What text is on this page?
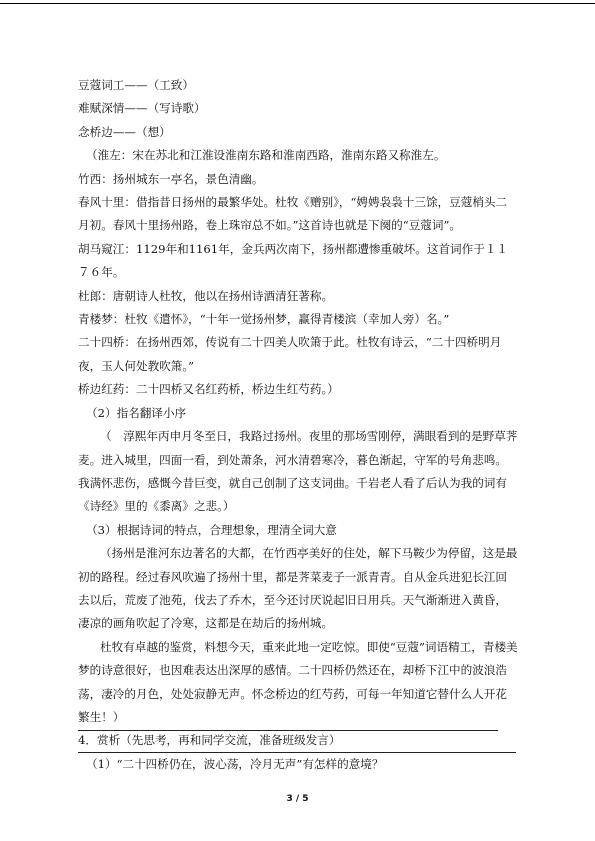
豆蔻词工——（工致）

难赋深情——（写诗歌）

念桥边——（想）

（淮左：宋在苏北和江淮设淮南东路和淮南西路，淮南东路又称淮左。

竹西：扬州城东一亭名，景色清幽。

春风十里：借指昔日扬州的最繁华处。杜牧《赠别》，“娉娉袅袅十三馀，豆蔻梢头二月初。春风十里扬州路，卷上珠帘总不如。”这首诗也就是下阕的“豆蔻词”。

胡马窥江：1129年和1161年，金兵两次南下，扬州都遭惨重破坏。这首词作于１１７６年。

杜郎：唐朝诗人杜牧，他以在扬州诗酒清狂著称。

青楼梦：杜牧《遣怀》，“十年一觉扬州梦，赢得青楼滨（幸加人旁）名。”

二十四桥：在扬州西郊，传说有二十四美人吹箫于此。杜牧有诗云，“二十四桥明月夜，玉人何处教吹箫。”

桥边红药：二十四桥又名红药桥，桥边生红芍药。）

（2）指名翻译小序

（　淳熙年丙申月冬至日，我路过扬州。夜里的那场雪刚停，满眼看到的是野草荠麦。进入城里，四面一看，到处萧条，河水清碧寒冷，暮色渐起，守军的号角悲鸣。我满怀悲伤，感慨今昔巨变，就自己创制了这支词曲。千岩老人看了后认为我的词有《诗经》里的《黍离》之悲。）

（3）根据诗词的特点，合理想象，理清全词大意

（扬州是淮河东边著名的大都，在竹西亭美好的住处，解下马鞍少为停留，这是最初的路程。经过春风吹遍了扬州十里，都是荠菜麦子一派青青。自从金兵进犯长江回去以后，荒废了池苑，伐去了乔木，至今还讨厌说起旧日用兵。天气渐渐进入黄昏，凄凉的画角吹起了冷寒，这都是在劫后的扬州城。

杜牧有卓越的鉴赏，料想今天，重来此地一定吃惊。即使“豆蔻”词语精工，青楼美梦的诗意很好，也因难表达出深厚的感情。二十四桥仍然还在，却桥下江中的波浪浩荡，凄冷的月色，处处寂静无声。怀念桥边的红芍药，可每一年知道它替什么人开花繁生！）

4．赏析（先思考，再和同学交流，准备班级发言）

（1）“二十四桥仍在，波心荡，冷月无声”有怎样的意境？

3 / 5
